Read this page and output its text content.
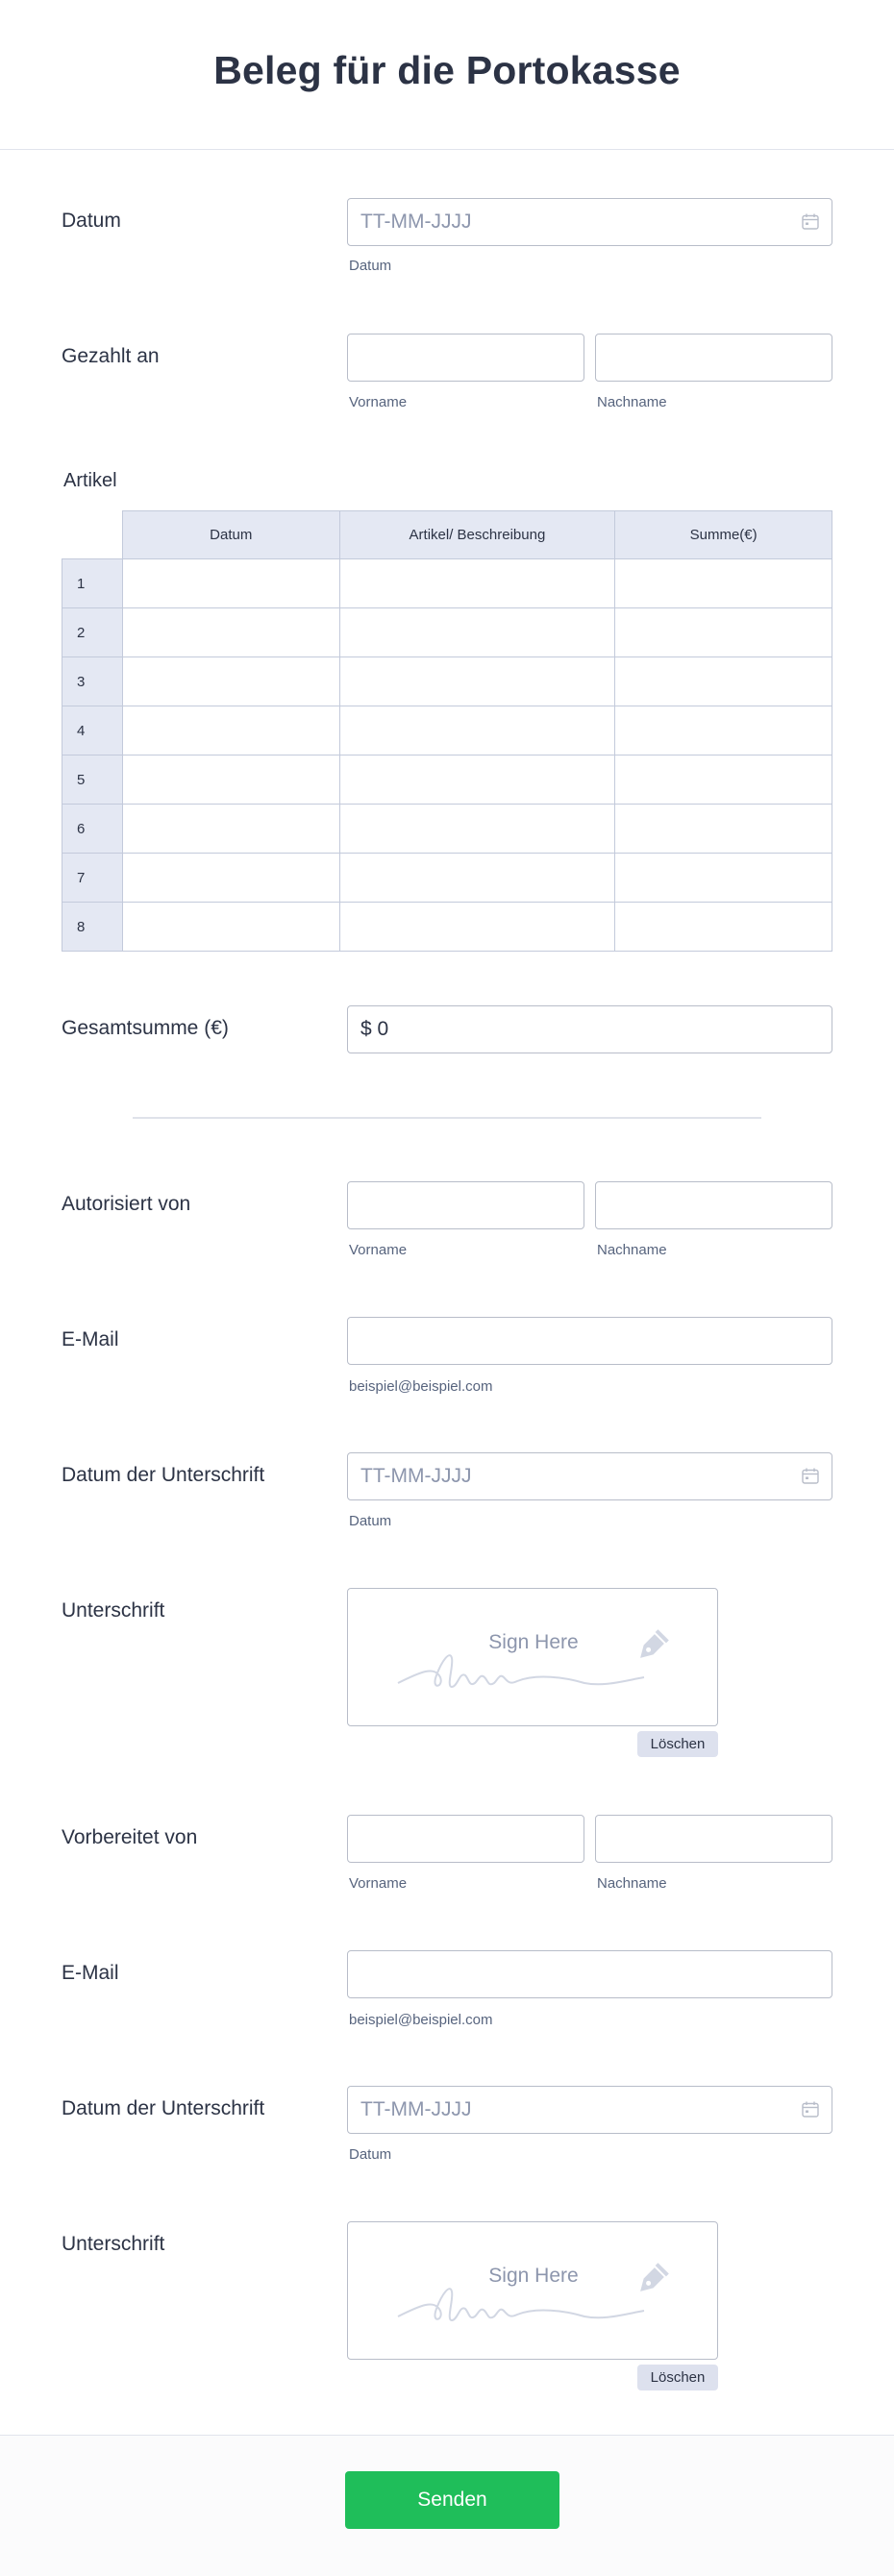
Beleg für die Portokasse
Datum
TT-MM-JJJJ
Datum
Gezahlt an
Vorname	Nachname
Artikel
	Datum	Artikel/ Beschreibung	Summe(€)
1			
2			
3			
4			
5			
6			
7			
8			
Gesamtsumme (€)
$ 0
Autorisiert von
Vorname	Nachname
E-Mail
beispiel@beispiel.com
Datum der Unterschrift
TT-MM-JJJJ
Datum
Unterschrift
Sign Here
Löschen
Vorbereitet von
Vorname	Nachname
E-Mail
beispiel@beispiel.com
Datum der Unterschrift
TT-MM-JJJJ
Datum
Unterschrift
Sign Here
Löschen
Senden
